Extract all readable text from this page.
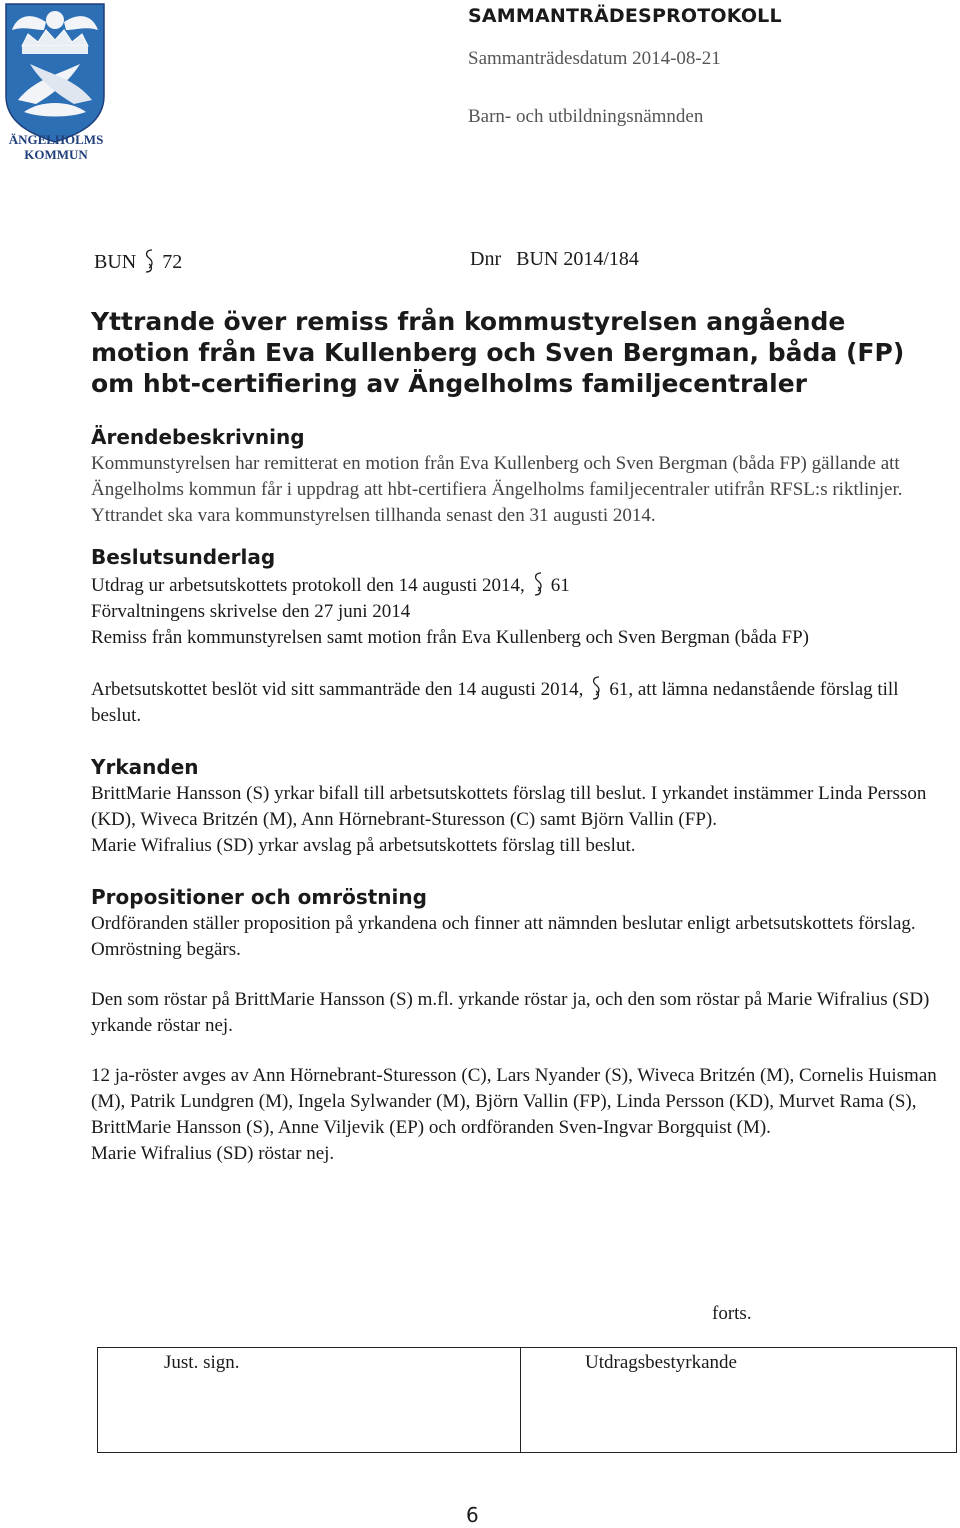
ÄNGELHOLMS KOMMUN
SAMMANTRÄDESPROTOKOLL
Sammanträdesdatum 2014-08-21
Barn- och utbildningsnämnden
BUN 72	Dnr   BUN 2014/184
Yttrande över remiss från kommustyrelsen angående motion från Eva Kullenberg och Sven Bergman, båda (FP) om hbt-certifiering av Ängelholms familjecentraler
Ärendebeskrivning

Kommunstyrelsen har remitterat en motion från Eva Kullenberg och Sven Bergman (båda FP) gällande att Ängelholms kommun får i uppdrag att hbt-certifiera Ängelholms familjecentraler utifrån RFSL:s riktlinjer. Yttrandet ska vara kommunstyrelsen tillhanda senast den 31 augusti 2014.

Beslutsunderlag

Utdrag ur arbetsutskottets protokoll den 14 augusti 2014, 61

Förvaltningens skrivelse den 27 juni 2014

Remiss från kommunstyrelsen samt motion från Eva Kullenberg och Sven Bergman (båda FP)

Arbetsutskottet beslöt vid sitt sammanträde den 14 augusti 2014, 61, att lämna nedanstående förslag till beslut.

Yrkanden

BrittMarie Hansson (S) yrkar bifall till arbetsutskottets förslag till beslut. I yrkandet instämmer Linda Persson (KD), Wiveca Britzén (M), Ann Hörnebrant-Sturesson (C) samt Björn Vallin (FP).

Marie Wifralius (SD) yrkar avslag på arbetsutskottets förslag till beslut.

Propositioner och omröstning

Ordföranden ställer proposition på yrkandena och finner att nämnden beslutar enligt arbetsutskottets förslag.

Omröstning begärs.

Den som röstar på BrittMarie Hansson (S) m.fl. yrkande röstar ja, och den som röstar på Marie Wifralius (SD) yrkande röstar nej.

12 ja-röster avges av Ann Hörnebrant-Sturesson (C), Lars Nyander (S), Wiveca Britzén (M), Cornelis Huisman (M), Patrik Lundgren (M), Ingela Sylwander (M), Björn Vallin (FP), Linda Persson (KD), Murvet Rama (S), BrittMarie Hansson (S), Anne Viljevik (EP) och ordföranden Sven-Ingvar Borgquist (M).

Marie Wifralius (SD) röstar nej.

forts.
Just. sign.	Utdragsbestyrkande
6
